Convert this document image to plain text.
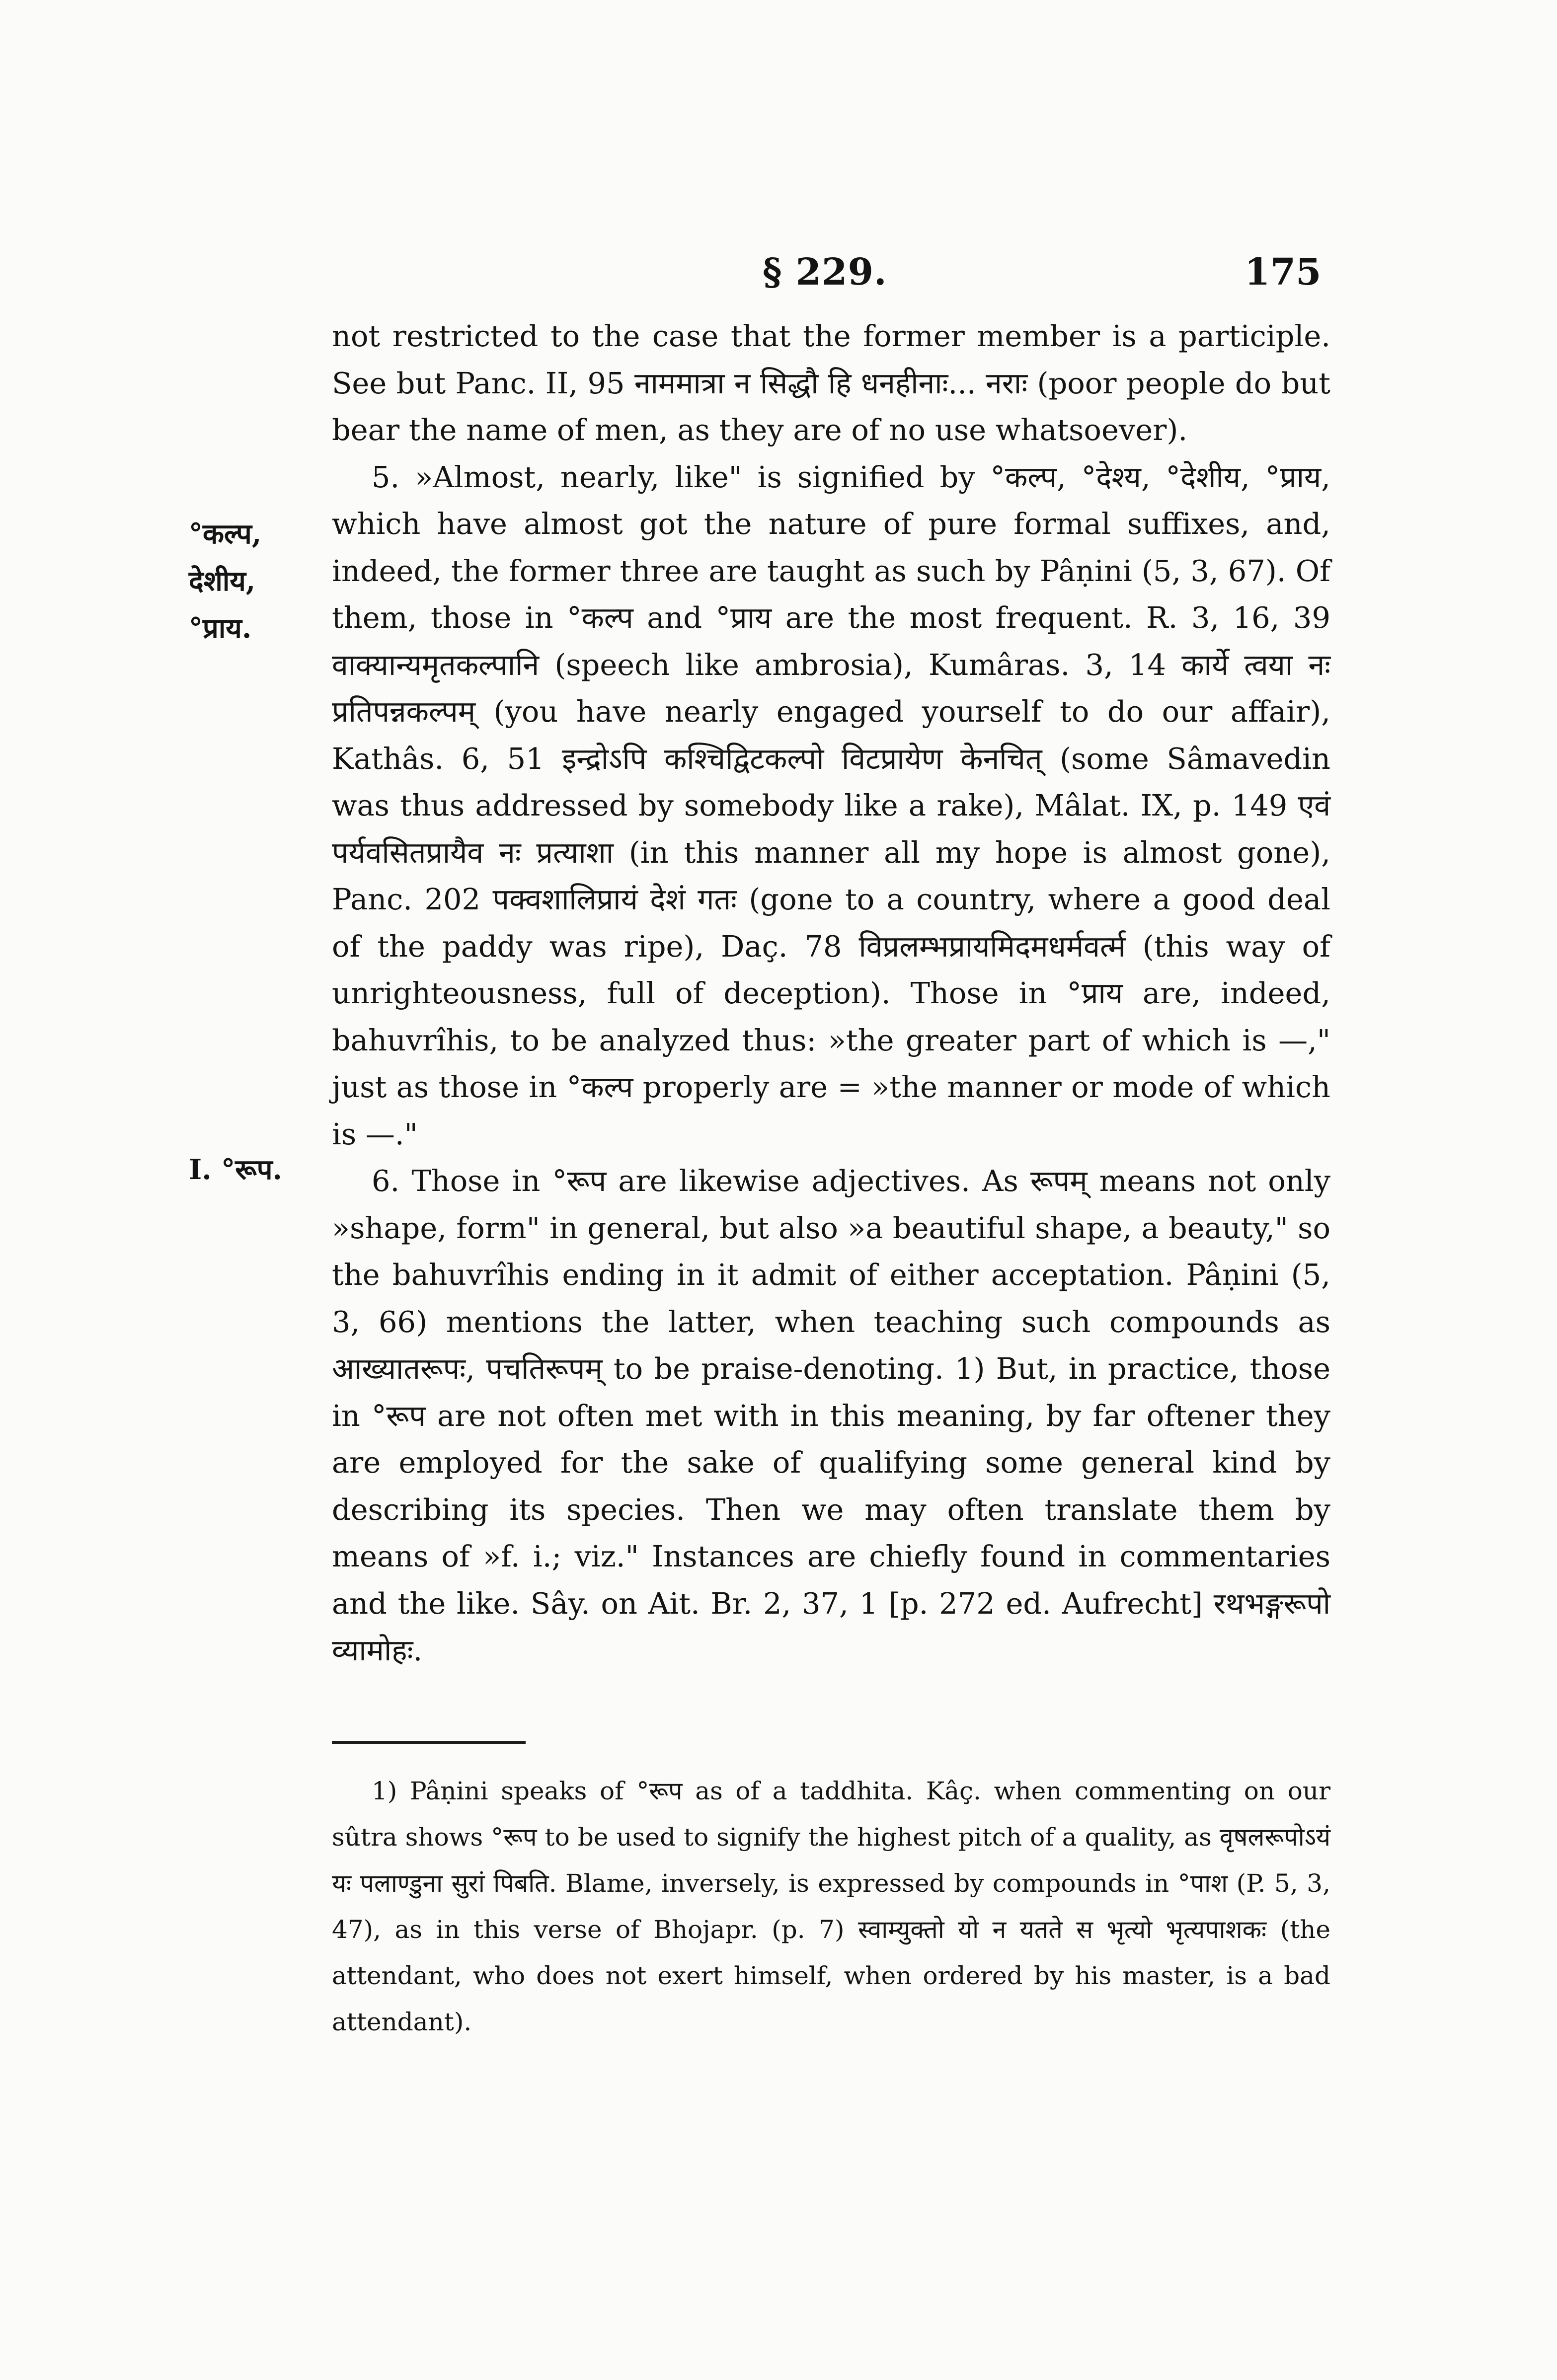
§ 229.	175
°कल्प,
देशीय,
°प्राय.
I. °रूप.

not restricted to the case that the former member is a participle. See but Panc. II, 95 नाममात्रा न सिद्धौ हि धनहीनाः... नराः (poor people do but bear the name of men, as they are of no use whatsoever).

5. »Almost, nearly, like" is signified by °कल्प, °देश्य, °देशीय, °प्राय, which have almost got the nature of pure formal suffixes, and, indeed, the former three are taught as such by Pâṇini (5, 3, 67). Of them, those in °कल्प and °प्राय are the most frequent. R. 3, 16, 39 वाक्यान्यमृतकल्पानि (speech like ambrosia), Kumâras. 3, 14 कार्ये त्वया नः प्रतिपन्नकल्पम् (you have nearly engaged yourself to do our affair), Kathâs. 6, 51 इन्द्रोऽपि कश्चिद्विटकल्पो विटप्रायेण केनचित् (some Sâmavedin was thus addressed by somebody like a rake), Mâlat. IX, p. 149 एवं पर्यवसितप्रायैव नः प्रत्याशा (in this manner all my hope is almost gone), Panc. 202 पक्वशालिप्रायं देशं गतः (gone to a country, where a good deal of the paddy was ripe), Daç. 78 विप्रलम्भप्रायमिदमधर्मवर्त्म (this way of unrighteousness, full of deception). Those in °प्राय are, indeed, bahuvrîhis, to be analyzed thus: »the greater part of which is —," just as those in °कल्प properly are = »the manner or mode of which is —."

6. Those in °रूप are likewise adjectives. As रूपम् means not only »shape, form" in general, but also »a beautiful shape, a beauty," so the bahuvrîhis ending in it admit of either acceptation. Pâṇini (5, 3, 66) mentions the latter, when teaching such compounds as आख्यातरूपः, पचतिरूपम् to be praise-denoting. 1) But, in practice, those in °रूप are not often met with in this meaning, by far oftener they are employed for the sake of qualifying some general kind by describing its species. Then we may often translate them by means of »f. i.; viz." Instances are chiefly found in commentaries and the like. Sây. on Ait. Br. 2, 37, 1 [p. 272 ed. Aufrecht] रथभङ्गरूपो व्यामोहः.

1) Pâṇini speaks of °रूप as of a taddhita. Kâç. when commenting on our sûtra shows °रूप to be used to signify the highest pitch of a quality, as वृषलरूपोऽयं यः पलाण्डुना सुरां पिबति. Blame, inversely, is expressed by compounds in °पाश (P. 5, 3, 47), as in this verse of Bhojapr. (p. 7) स्वाम्युक्तो यो न यतते स भृत्यो भृत्यपाशकः (the attendant, who does not exert himself, when ordered by his master, is a bad attendant).
